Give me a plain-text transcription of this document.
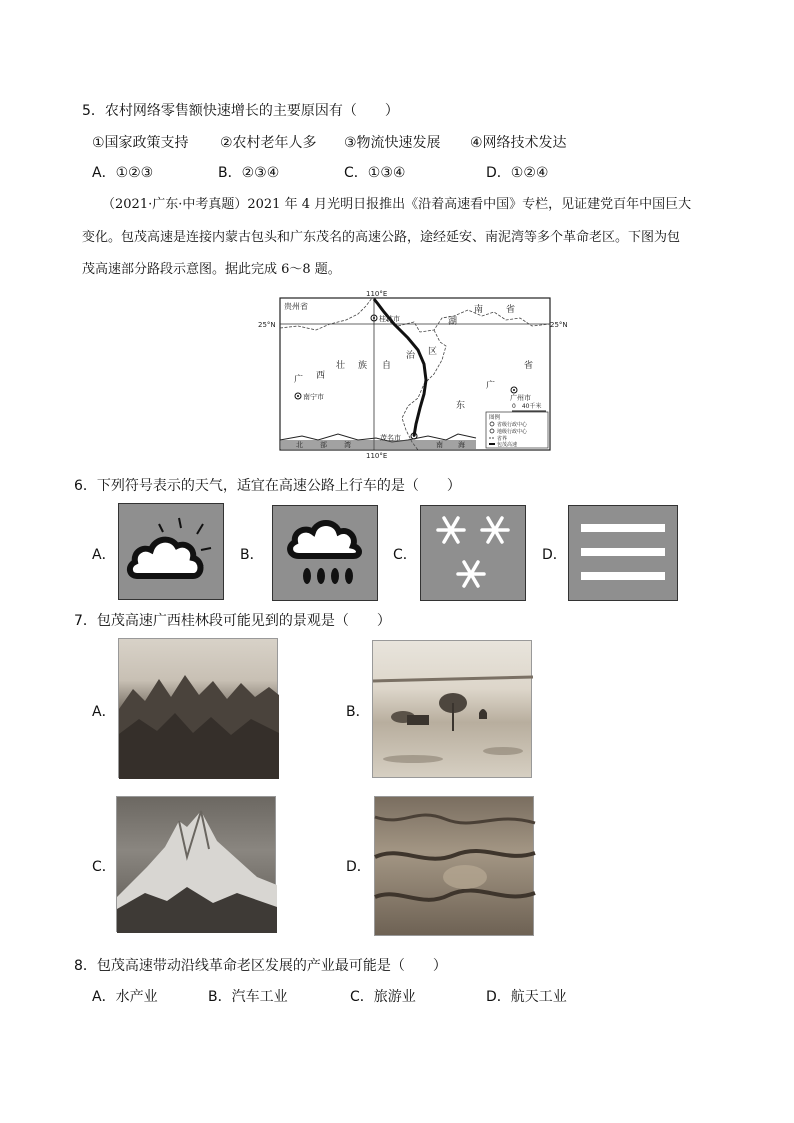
5．农村网络零售额快速增长的主要原因有（　　）
①国家政策支持 ②农村老年人多 ③物流快速发展 ④网络技术发达
A．①②③	B．②③④	C．①③④	D．①②④
（2021·广东·中考真题）2021 年 4 月光明日报推出《沿着高速看中国》专栏，见证建党百年中国巨大
变化。包茂高速是连接内蒙古包头和广东茂名的高速公路，途经延安、南泥湾等多个革命老区。下图为包
茂高速部分路段示意图。据此完成 6～8 题。
110°E
110°E
25°N	25°N
贵州省
湖
南	省
桂林市
广 西
壮 族 自
治 区
广
东
省
南宁市	广州市
茂名市
0　40千米
图例
省级行政中心
地级行政中心
省界
包茂高速
北 部 湾	南 海
6．下列符号表示的天气，适宜在高速公路上行车的是（　　）
A．	B．	C．	D．
7．包茂高速广西桂林段可能见到的景观是（　　）
A．	B．
C．	D．
8．包茂高速带动沿线革命老区发展的产业最可能是（　　）
A．水产业	B．汽车工业	C．旅游业	D．航天工业
